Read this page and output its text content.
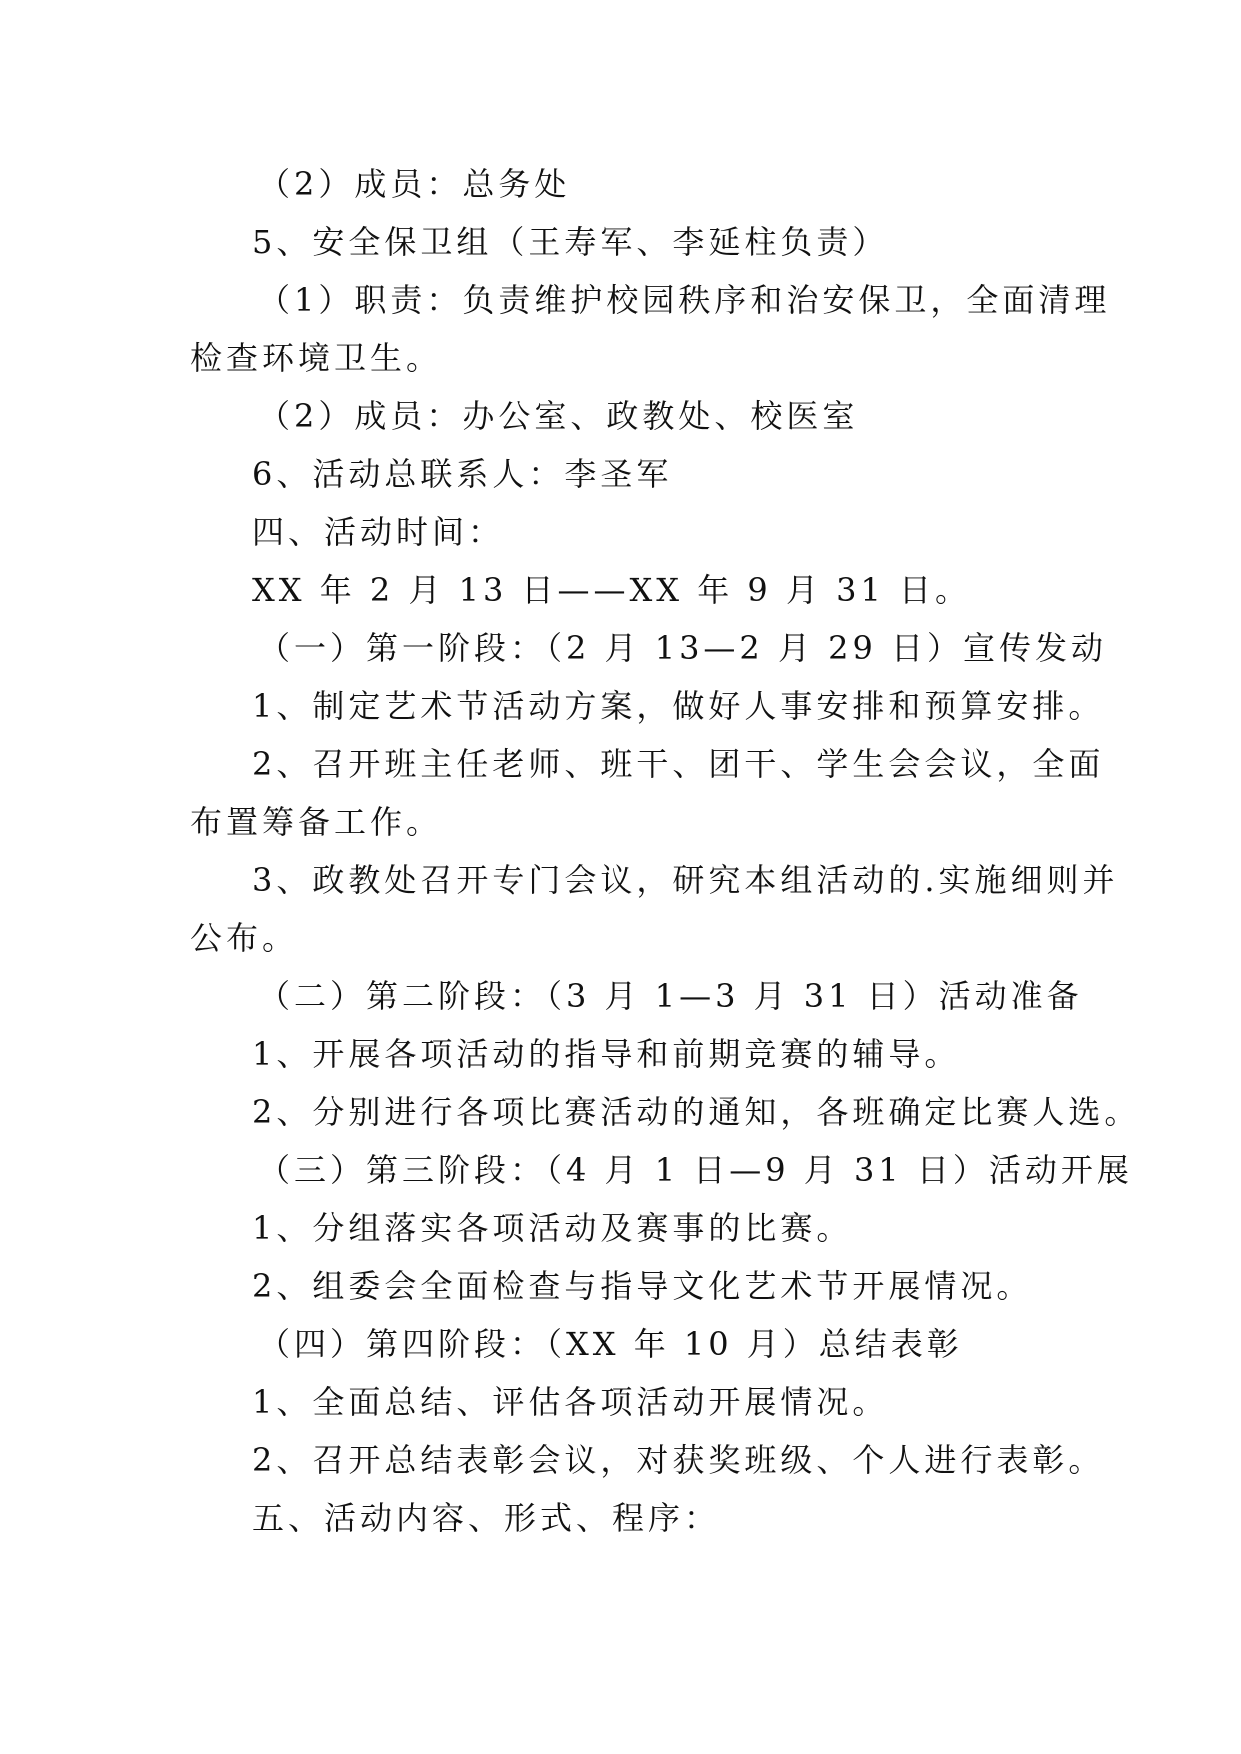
（2）成员：总务处
5、安全保卫组（王寿军、李延柱负责）
（1）职责：负责维护校园秩序和治安保卫，全面清理
检查环境卫生。
（2）成员：办公室、政教处、校医室
6、活动总联系人：李圣军
四、活动时间：
XX 年 2 月 13 日——XX 年 9 月 31 日。
（一）第一阶段：（2 月 13—2 月 29 日）宣传发动
1、制定艺术节活动方案，做好人事安排和预算安排。
2、召开班主任老师、班干、团干、学生会会议，全面
布置筹备工作。
3、政教处召开专门会议，研究本组活动的.实施细则并
公布。
（二）第二阶段：（3 月 1—3 月 31 日）活动准备
1、开展各项活动的指导和前期竞赛的辅导。
2、分别进行各项比赛活动的通知，各班确定比赛人选。
（三）第三阶段：（4 月 1 日—9 月 31 日）活动开展
1、分组落实各项活动及赛事的比赛。
2、组委会全面检查与指导文化艺术节开展情况。
（四）第四阶段：（XX 年 10 月）总结表彰
1、全面总结、评估各项活动开展情况。
2、召开总结表彰会议，对获奖班级、个人进行表彰。
五、活动内容、形式、程序：
